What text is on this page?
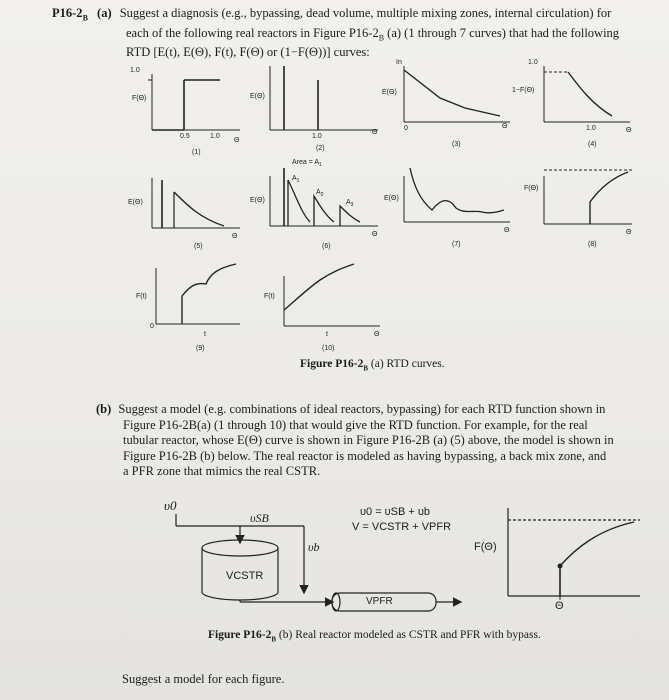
$P16-2_B$ (a) Suggest a diagnosis (e.g., bypassing, dead volume, multiple mixing zones, internal circulation) for
each of the following real reactors in Figure $P16-2_B$ (a) (1 through 7 curves) that had the following
RTD [E(t), E(Θ), F(t), F(Θ) or (1−F(Θ))] curves:
1.0
F(Θ)
0.5	1.0
Θ
(1)
E(Θ)
1.0
Θ
(2)
In
E(Θ)
0	Θ
(3)
1.0
1−F(Θ)
1.0	Θ
(4)
E(Θ)
Θ
(5)
Area = $A_1$
$A_1$
$A_2$
$A_3$
E(Θ)
Θ
(6)
E(Θ)
Θ
(7)
F(Θ)
Θ
(8)
F(t)
0
t
(9)
F(t)
t	Θ
(10)
Figure $P16-2_B$ (a) RTD curves.
(b) Suggest a model (e.g. combinations of ideal reactors, bypassing) for each RTD function shown in
Figure P16-2B(a) (1 through 10) that would give the RTD function. For example, for the real
tubular reactor, whose E(Θ) curve is shown in Figure P16-2B (a) (5) above, the model is shown in
Figure P16-2B (b) below. The real reactor is modeled as having bypassing, a back mix zone, and
a PFR zone that mimics the real CSTR.
υ0
υSB
υb
υ0 = υSB + υb
V = VCSTR + VPFR
VCSTR
VPFR
F(Θ)
Θ
Figure $P16-2_B$ (b) Real reactor modeled as CSTR and PFR with bypass.
Suggest a model for each figure.
